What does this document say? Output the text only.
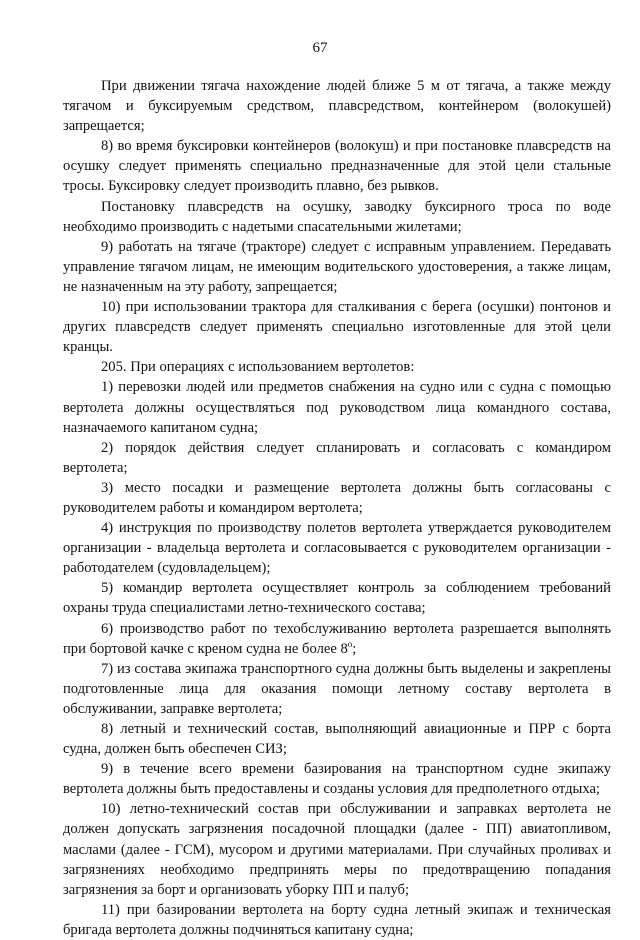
67

При движении тягача нахождение людей ближе 5 м от тягача, а также между тягачом и буксируемым средством, плавсредством, контейнером (волокушей) запрещается;

8) во время буксировки контейнеров (волокуш) и при постановке плавсредств на осушку следует применять специально предназначенные для этой цели стальные тросы. Буксировку следует производить плавно, без рывков.

Постановку плавсредств на осушку, заводку буксирного троса по воде необходимо производить с надетыми спасательными жилетами;

9) работать на тягаче (тракторе) следует с исправным управлением. Передавать управление тягачом лицам, не имеющим водительского удостоверения, а также лицам, не назначенным на эту работу, запрещается;

10) при использовании трактора для сталкивания с берега (осушки) понтонов и других плавсредств следует применять специально изготовленные для этой цели кранцы.

205. При операциях с использованием вертолетов:

1) перевозки людей или предметов снабжения на судно или с судна с помощью вертолета должны осуществляться под руководством лица командного состава, назначаемого капитаном судна;

2) порядок действия следует спланировать и согласовать с командиром вертолета;

3) место посадки и размещение вертолета должны быть согласованы с руководителем работы и командиром вертолета;

4) инструкция по производству полетов вертолета утверждается руководителем организации - владельца вертолета и согласовывается с руководителем организации - работодателем (судовладельцем);

5) командир вертолета осуществляет контроль за соблюдением требований охраны труда специалистами летно-технического состава;

6) производство работ по техобслуживанию вертолета разрешается выполнять при бортовой качке с креном судна не более $8^о$;

7) из состава экипажа транспортного судна должны быть выделены и закреплены подготовленные лица для оказания помощи летному составу вертолета в обслуживании, заправке вертолета;

8) летный и технический состав, выполняющий авиационные и ПРР с борта судна, должен быть обеспечен СИЗ;

9) в течение всего времени базирования на транспортном судне экипажу вертолета должны быть предоставлены и созданы условия для предполетного отдыха;

10) летно-технический состав при обслуживании и заправках вертолета не должен допускать загрязнения посадочной площадки (далее - ПП) авиатопливом, маслами (далее - ГСМ), мусором и другими материалами. При случайных проливах и загрязнениях необходимо предпринять меры по предотвращению попадания загрязнения за борт и организовать уборку ПП и палуб;

11) при базировании вертолета на борту судна летный экипаж и техническая бригада вертолета должны подчиняться капитану судна;
